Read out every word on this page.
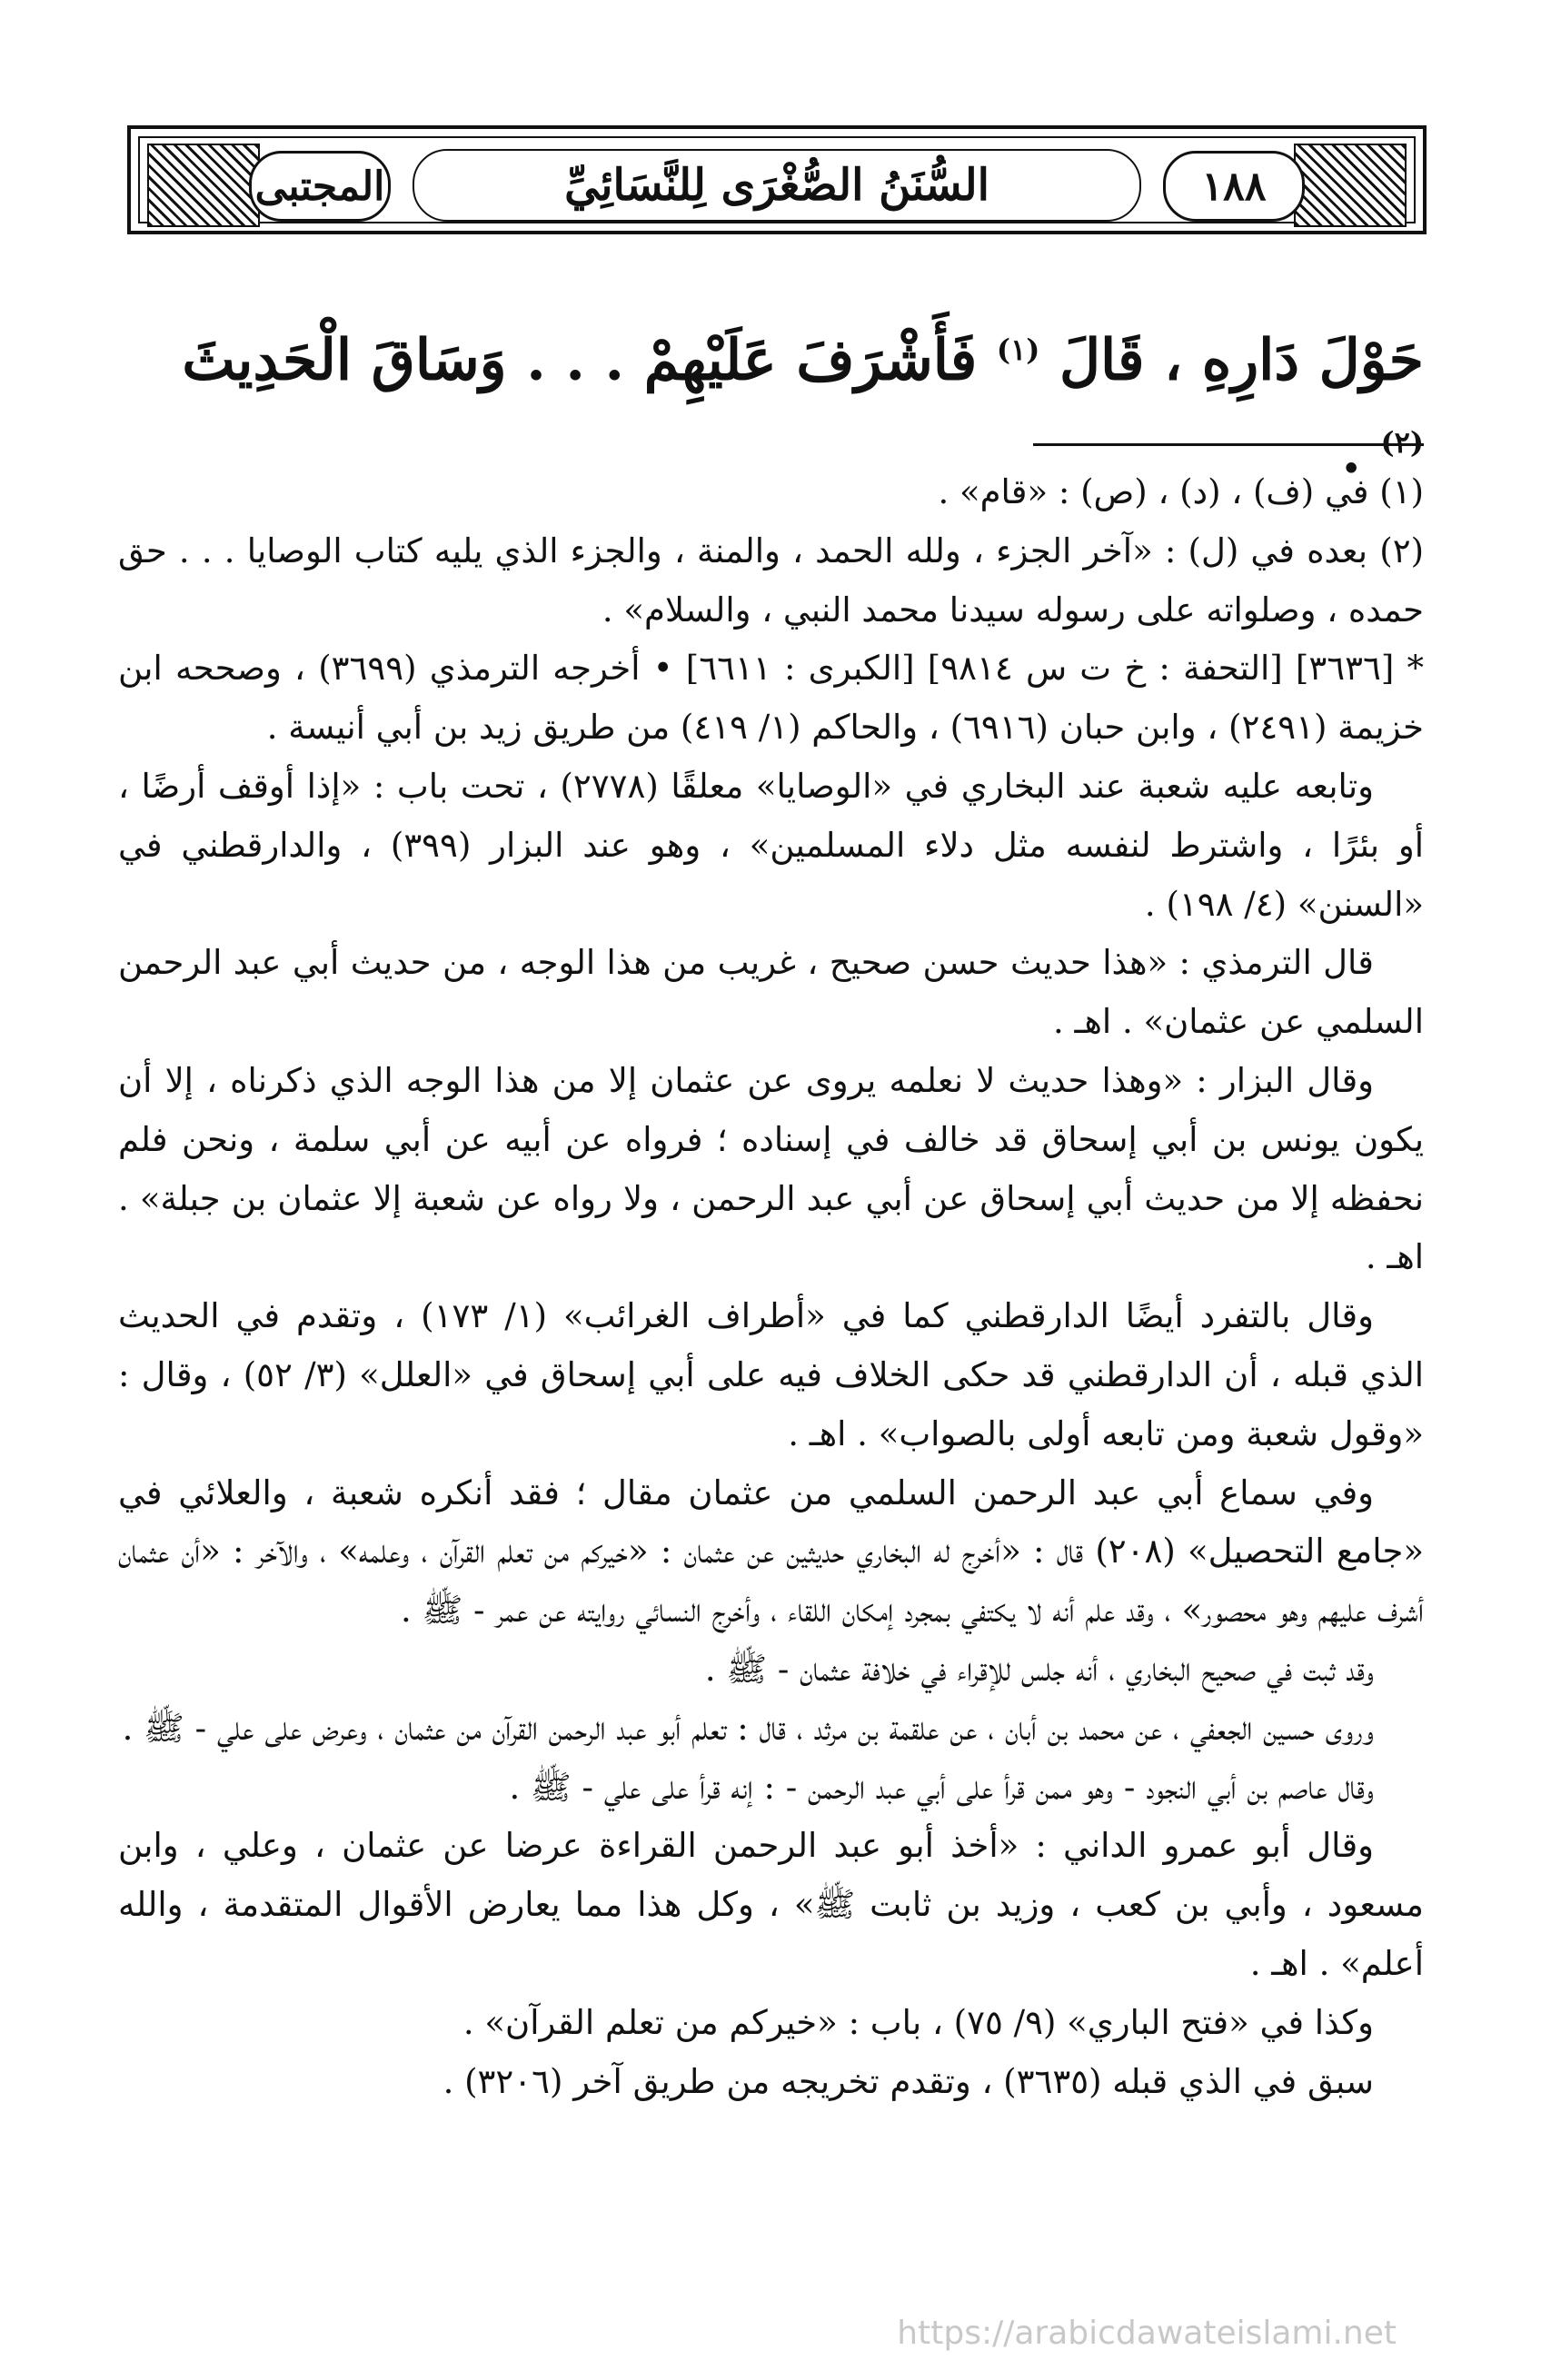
المجتبى	السُّنَنُ الصُّغْرَى لِلنَّسَائِيِّ	١٨٨
حَوْلَ دَارِهِ ، قَالَ $^{(١)}$ فَأَشْرَفَ عَلَيْهِمْ . . . وَسَاقَ الْحَدِيثَ $^{(٢)}$ .

(١) في (ف) ، (د) ، (ص) : «قام» .

(٢) بعده في (ل) : «آخر الجزء ، ولله الحمد ، والمنة ، والجزء الذي يليه كتاب الوصايا . . . حق حمده ، وصلواته على رسوله سيدنا محمد النبي ، والسلام» .

* [٣٦٣٦] [التحفة : خ ت س ٩٨١٤] [الكبرى : ٦٦١١] • أخرجه الترمذي (٣٦٩٩) ، وصححه ابن خزيمة (٢٤٩١) ، وابن حبان (٦٩١٦) ، والحاكم (١/ ٤١٩) من طريق زيد بن أبي أنيسة .

وتابعه عليه شعبة عند البخاري في «الوصايا» معلقًا (٢٧٧٨) ، تحت باب : «إذا أوقف أرضًا ، أو بئرًا ، واشترط لنفسه مثل دلاء المسلمين» ، وهو عند البزار (٣٩٩) ، والدارقطني في «السنن» (٤/ ١٩٨) .

قال الترمذي : «هذا حديث حسن صحيح ، غريب من هذا الوجه ، من حديث أبي عبد الرحمن السلمي عن عثمان» . اهـ .

وقال البزار : «وهذا حديث لا نعلمه يروى عن عثمان إلا من هذا الوجه الذي ذكرناه ، إلا أن يكون يونس بن أبي إسحاق قد خالف في إسناده ؛ فرواه عن أبيه عن أبي سلمة ، ونحن فلم نحفظه إلا من حديث أبي إسحاق عن أبي عبد الرحمن ، ولا رواه عن شعبة إلا عثمان بن جبلة» . اهـ .

وقال بالتفرد أيضًا الدارقطني كما في «أطراف الغرائب» (١/ ١٧٣) ، وتقدم في الحديث الذي قبله ، أن الدارقطني قد حكى الخلاف فيه على أبي إسحاق في «العلل» (٣/ ٥٢) ، وقال : «وقول شعبة ومن تابعه أولى بالصواب» . اهـ .

وفي سماع أبي عبد الرحمن السلمي من عثمان مقال ؛ فقد أنكره شعبة ، والعلائي في «جامع التحصيل» (٢٠٨) قال : «أخرج له البخاري حديثين عن عثمان : «خيركم من تعلم القرآن ، وعلمه» ، والآخر : «أن عثمان أشرف عليهم وهو محصور» ، وقد علم أنه لا يكتفي بمجرد إمكان اللقاء ، وأخرج النسائي روايته عن عمر - ﷺ .

وقد ثبت في صحيح البخاري ، أنه جلس للإقراء في خلافة عثمان - ﷺ .

وروى حسين الجعفي ، عن محمد بن أبان ، عن علقمة بن مرثد ، قال : تعلم أبو عبد الرحمن القرآن من عثمان ، وعرض على علي - ﷺ .

وقال عاصم بن أبي النجود - وهو ممن قرأ على أبي عبد الرحمن - : إنه قرأ على علي - ﷺ .

وقال أبو عمرو الداني : «أخذ أبو عبد الرحمن القراءة عرضا عن عثمان ، وعلي ، وابن مسعود ، وأبي بن كعب ، وزيد بن ثابت ﷺ» ، وكل هذا مما يعارض الأقوال المتقدمة ، والله أعلم» . اهـ .

وكذا في «فتح الباري» (٩/ ٧٥) ، باب : «خيركم من تعلم القرآن» .

سبق في الذي قبله (٣٦٣٥) ، وتقدم تخريجه من طريق آخر (٣٢٠٦) .

https://arabicdawateislami.net
